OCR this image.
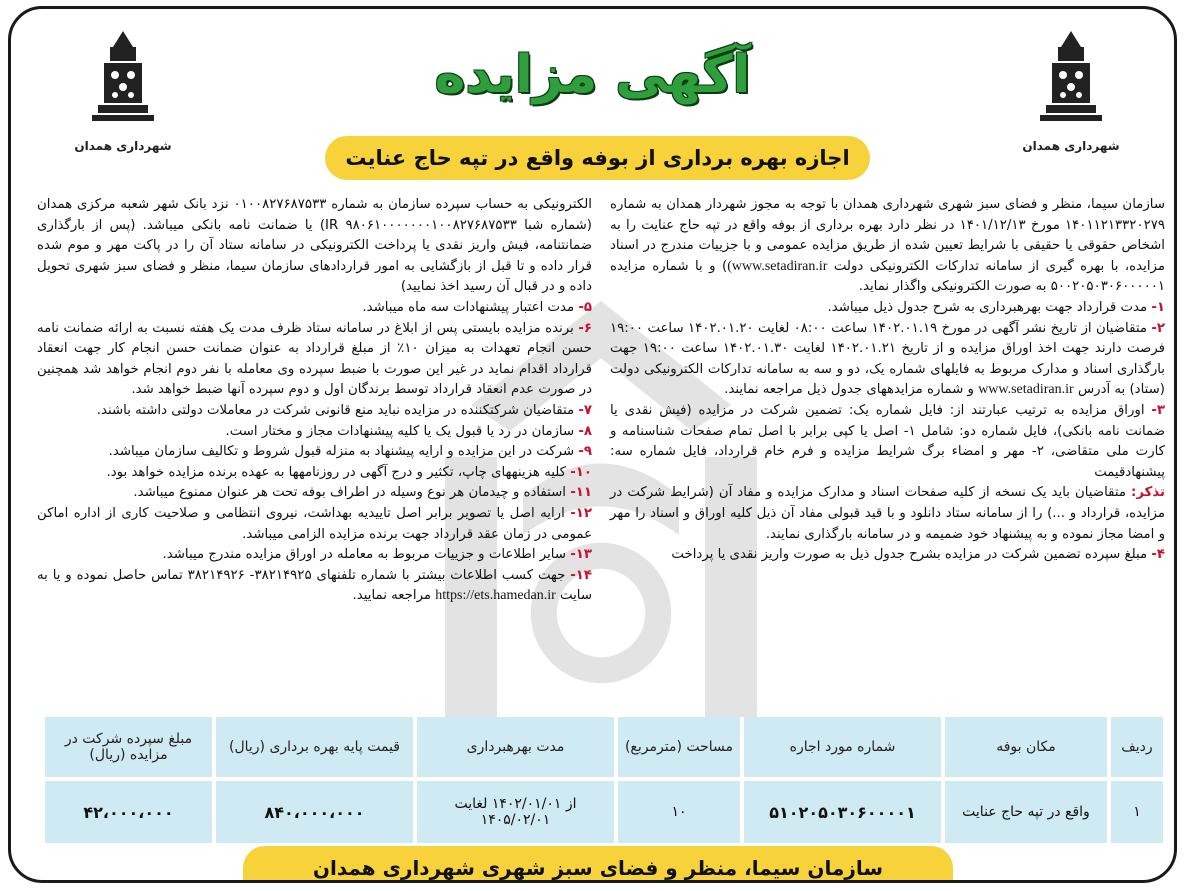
شهرداری همدان	شهرداری همدان
آگهی مزایده
اجازه بهره برداری از بوفه واقع در تپه حاج عنایت

سازمان سیما، منظر و فضای سبز شهری شهرداری همدان با توجه به مجوز شهردار همدان به شماره ۱۴۰۱۱۲۱۳۳۲۰۲۷۹ مورخ ۱۴۰۱/۱۲/۱۳ در نظر دارد بهره برداری از بوفه واقع در تپه حاج عنایت را به اشخاص حقوقی یا حقیقی با شرایط تعیین شده از طریق مزایده عمومی و با جزییات مندرج در اسناد مزایده، با بهره گیری از سامانه تدارکات الکترونیکی دولت (www.setadiran.ir) و با شماره مزایده ۵۰۰۲۰۵۰۳۰۶۰۰۰۰۰۱ به صورت الکترونیکی واگذار نماید.

۱- مدت قرارداد جهت بهرهبرداری به شرح جدول ذیل میباشد.

۲- متقاضیان از تاریخ نشر آگهی در مورخ ۱۴۰۲.۰۱.۱۹ ساعت ۰۸:۰۰ لغایت ۱۴۰۲.۰۱.۲۰ ساعت ۱۹:۰۰ فرصت دارند جهت اخذ اوراق مزایده و از تاریخ ۱۴۰۲.۰۱.۲۱ لغایت ۱۴۰۲.۰۱.۳۰ ساعت ۱۹:۰۰ جهت بارگذاری اسناد و مدارک مربوط به فایلهای شماره یک، دو و سه به سامانه تدارکات الکترونیکی دولت (ستاد) به آدرس www.setadiran.ir و شماره مزایدههای جدول ذیل مراجعه نمایند.

۳- اوراق مزایده به ترتیب عبارتند از: فایل شماره یک: تضمین شرکت در مزایده (فیش نقدی یا ضمانت نامه بانکی)، فایل شماره دو: شامل ۱- اصل یا کپی برابر با اصل تمام صفحات شناسنامه و کارت ملی متقاضی، ۲- مهر و امضاء برگ شرایط مزایده و فرم خام قرارداد، فایل شماره سه: پیشنهادقیمت

تذکر: متقاضیان باید یک نسخه از کلیه صفحات اسناد و مدارک مزایده و مفاد آن (شرایط شرکت در مزایده، قرارداد و ...) را از سامانه ستاد دانلود و با قید قبولی مفاد آن ذیل کلیه اوراق و اسناد را مهر و امضا مجاز نموده و به پیشنهاد خود ضمیمه و در سامانه بارگذاری نمایند.

۴- مبلغ سپرده تضمین شرکت در مزایده بشرح جدول ذیل به صورت واریز نقدی یا پرداخت

الکترونیکی به حساب سپرده سازمان به شماره ۰۱۰۰۸۲۷۶۸۷۵۳۳ نزد بانک شهر شعبه مرکزی همدان (شماره شبا IR ۹۸۰۶۱۰۰۰۰۰۰۰۱۰۰۸۲۷۶۸۷۵۳۳) یا ضمانت نامه بانکی میباشد. (پس از بارگذاری ضمانتنامه، فیش واریز نقدی یا پرداخت الکترونیکی در سامانه ستاد آن را در پاکت مهر و موم شده قرار داده و تا قبل از بازگشایی به امور قراردادهای سازمان سیما، منظر و فضای سبز شهری تحویل داده و در قبال آن رسید اخذ نمایید)

۵- مدت اعتبار پیشنهادات سه ماه میباشد.

۶- برنده مزایده بایستی پس از ابلاغ در سامانه ستاد ظرف مدت یک هفته نسبت به ارائه ضمانت نامه حسن انجام تعهدات به میزان ۱۰٪ از مبلغ قرارداد به عنوان ضمانت حسن انجام کار جهت انعقاد قرارداد اقدام نماید در غیر این صورت با ضبط سپرده وی معامله با نفر دوم انجام خواهد شد همچنین در صورت عدم انعقاد قرارداد توسط برندگان اول و دوم سپرده آنها ضبط خواهد شد.

۷- متقاضیان شرکتکننده در مزایده نباید منع قانونی شرکت در معاملات دولتی داشته باشند.

۸- سازمان در رد یا قبول یک یا کلیه پیشنهادات مجاز و مختار است.

۹- شرکت در این مزایده و ارایه پیشنهاد به منزله قبول شروط و تکالیف سازمان میباشد.

۱۰- کلیه هزینههای چاپ، تکثیر و درج آگهی در روزنامهها به عهده برنده مزایده خواهد بود.

۱۱- استفاده و چیدمان هر نوع وسیله در اطراف بوفه تحت هر عنوان ممنوع میباشد.

۱۲- ارایه اصل یا تصویر برابر اصل تاییدیه بهداشت، نیروی انتظامی و صلاحیت کاری از اداره اماکن عمومی در زمان عقد قرارداد جهت برنده مزایده الزامی میباشد.

۱۳- سایر اطلاعات و جزییات مربوط به معامله در اوراق مزایده مندرج میباشد.

۱۴- جهت کسب اطلاعات بیشتر با شماره تلفنهای ۳۸۲۱۴۹۲۵- ۳۸۲۱۴۹۲۶ تماس حاصل نموده و یا به سایت https://ets.hamedan.ir مراجعه نمایید.

ردیف	مکان بوفه	شماره مورد اجاره	مساحت (مترمربع)	مدت بهرهبرداری	قیمت پایه بهره برداری (ریال)	مبلغ سپرده شرکت در مزایده (ریال)
۱	واقع در تپه حاج عنایت	۵۱۰۲۰۵۰۳۰۶۰۰۰۰۱	۱۰	از ۱۴۰۲/۰۱/۰۱ لغایت ۱۴۰۵/۰۲/۰۱	۸۴۰،۰۰۰،۰۰۰	۴۲،۰۰۰،۰۰۰
سازمان سیما، منظر و فضای سبز شهری شهرداری همدان
